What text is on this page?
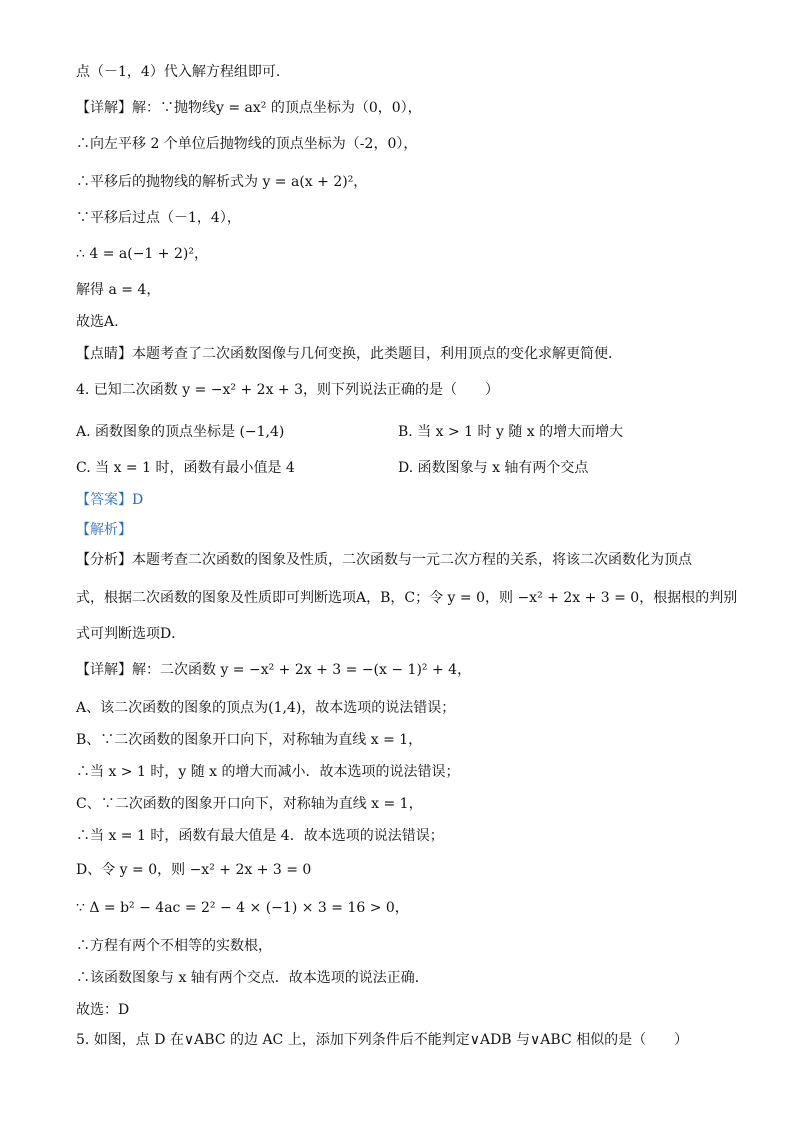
点（－1，4）代入解方程组即可．
【详解】解：∵抛物线y = ax² 的顶点坐标为（0，0），
∴向左平移 2 个单位后抛物线的顶点坐标为（-2，0），
∴平移后的抛物线的解析式为 y = a(x + 2)²，
∵平移后过点（－1，4），
∴ 4 = a(−1 + 2)²，
解得 a = 4，
故选A.
【点睛】本题考查了二次函数图像与几何变换，此类题目，利用顶点的变化求解更简便．
4. 已知二次函数 y = −x² + 2x + 3，则下列说法正确的是（　　）
A. 函数图象的顶点坐标是 (−1,4)	B. 当 x > 1 时 y 随 x 的增大而增大
C. 当 x = 1 时，函数有最小值是 4	D. 函数图象与 x 轴有两个交点
【答案】D
【解析】
【分析】本题考查二次函数的图象及性质，二次函数与一元二次方程的关系，将该二次函数化为顶点
式，根据二次函数的图象及性质即可判断选项A，B，C；令 y = 0，则 −x² + 2x + 3 = 0，根据根的判别
式可判断选项D．
【详解】解：二次函数 y = −x² + 2x + 3 = −(x − 1)² + 4，
A、该二次函数的图象的顶点为(1,4)，故本选项的说法错误；
B、∵二次函数的图象开口向下，对称轴为直线 x = 1，
∴当 x > 1 时，y 随 x 的增大而减小．故本选项的说法错误；
C、∵二次函数的图象开口向下，对称轴为直线 x = 1，
∴当 x = 1 时，函数有最大值是 4．故本选项的说法错误；
D、令 y = 0，则 −x² + 2x + 3 = 0
∵ Δ = b² − 4ac = 2² − 4 × (−1) × 3 = 16 > 0，
∴方程有两个不相等的实数根，
∴该函数图象与 x 轴有两个交点．故本选项的说法正确．
故选：D
5. 如图，点 D 在∨ABC 的边 AC 上，添加下列条件后不能判定∨ADB 与∨ABC 相似的是（　　）
